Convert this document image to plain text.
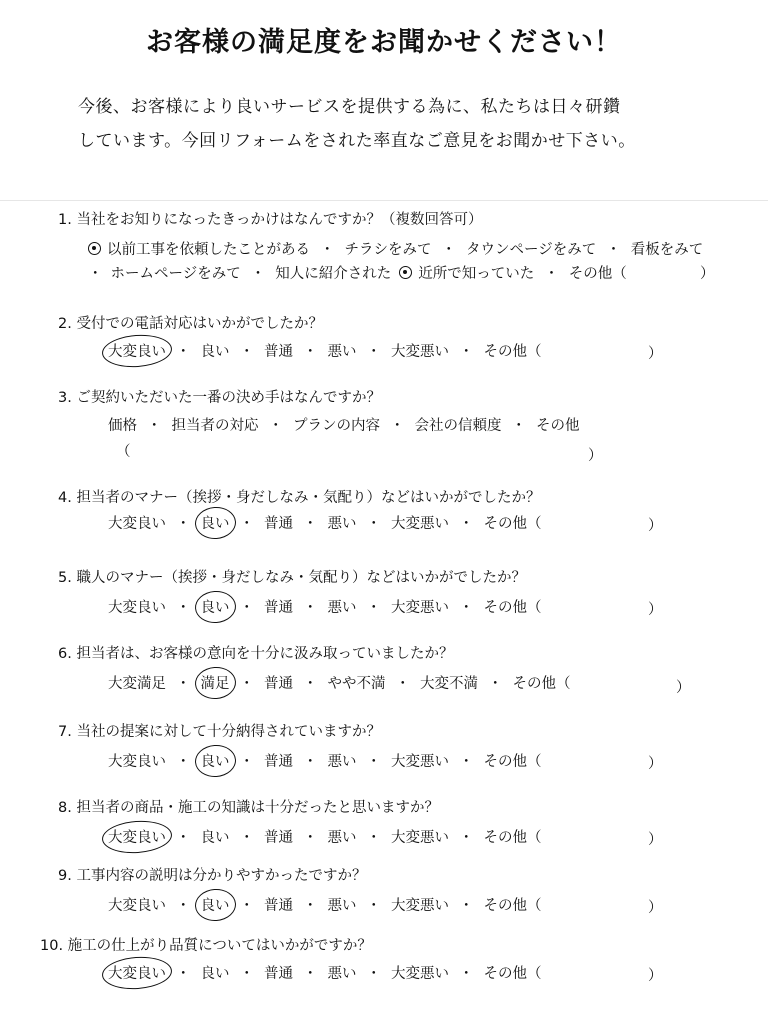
お客様の満足度をお聞かせください！
今後、お客様により良いサービスを提供する為に、私たちは日々研鑽
しています。今回リフォームをされた率直なご意見をお聞かせ下さい。
1. 当社をお知りになったきっかけはなんですか？（複数回答可）
以前工事を依頼したことがある ・ チラシをみて ・ タウンページをみて ・ 看板をみて
・ ホームページをみて ・ 知人に紹介された 近所で知っていた ・ その他（	）
2. 受付での電話対応はいかがでしたか？
大変良い ・ 良い ・ 普通 ・ 悪い ・ 大変悪い ・ その他（	）
3. ご契約いただいた一番の決め手はなんですか？
価格 ・ 担当者の対応 ・ プランの内容 ・ 会社の信頼度 ・ その他
（	）
4. 担当者のマナー（挨拶・身だしなみ・気配り）などはいかがでしたか？
大変良い ・ 良い ・ 普通 ・ 悪い ・ 大変悪い ・ その他（	）
5. 職人のマナー（挨拶・身だしなみ・気配り）などはいかがでしたか？
大変良い ・ 良い ・ 普通 ・ 悪い ・ 大変悪い ・ その他（	）
6. 担当者は、お客様の意向を十分に汲み取っていましたか？
大変満足 ・ 満足 ・ 普通 ・ やや不満 ・ 大変不満 ・ その他（	）
7. 当社の提案に対して十分納得されていますか？
大変良い ・ 良い ・ 普通 ・ 悪い ・ 大変悪い ・ その他（	）
8. 担当者の商品・施工の知識は十分だったと思いますか？
大変良い ・ 良い ・ 普通 ・ 悪い ・ 大変悪い ・ その他（	）
9. 工事内容の説明は分かりやすかったですか？
大変良い ・ 良い ・ 普通 ・ 悪い ・ 大変悪い ・ その他（	）
10. 施工の仕上がり品質についてはいかがですか？
大変良い ・ 良い ・ 普通 ・ 悪い ・ 大変悪い ・ その他（	）
